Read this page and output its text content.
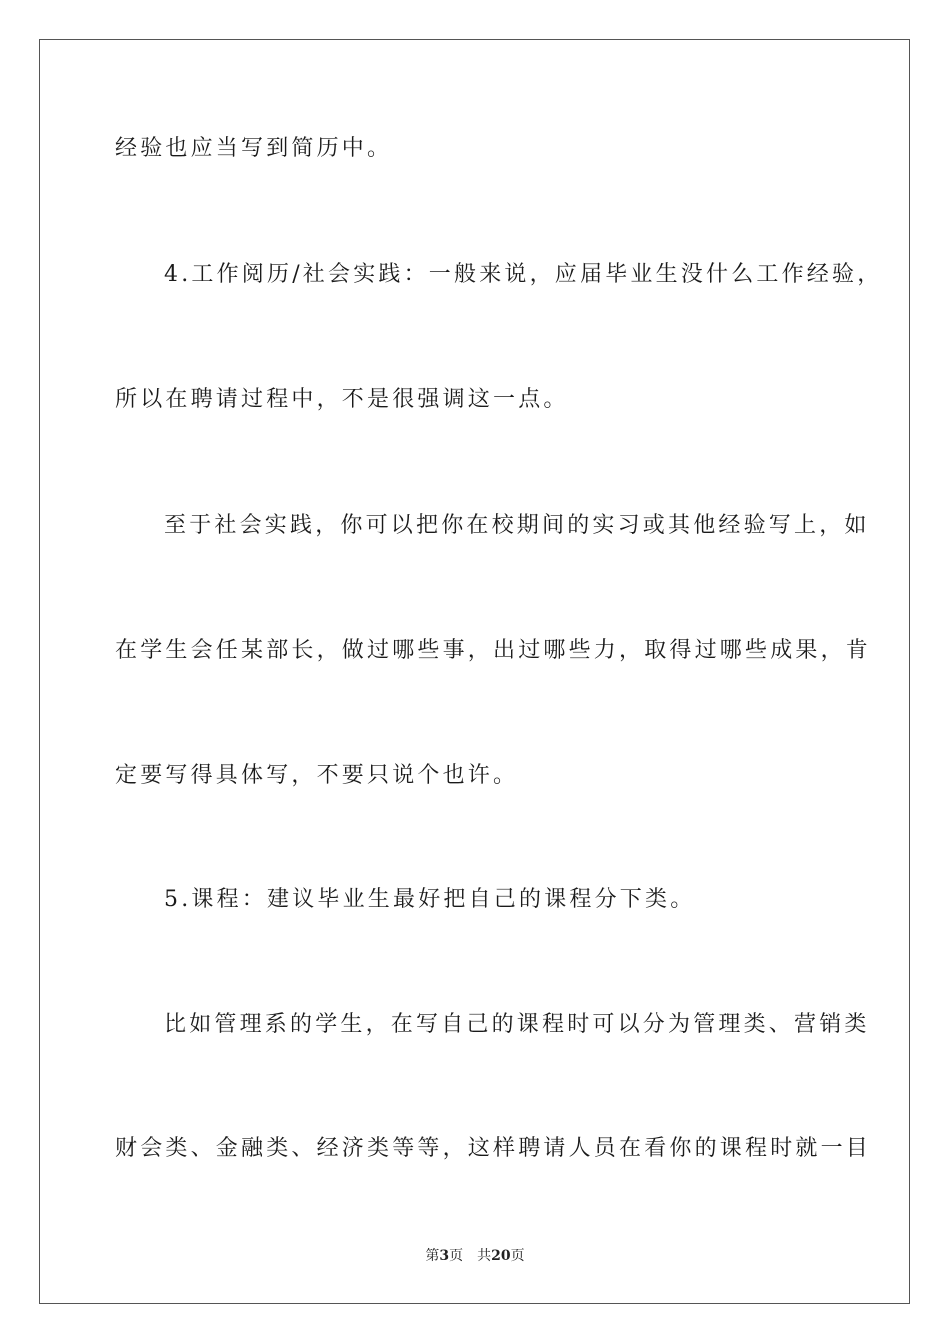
经验也应当写到简历中。
4.工作阅历/社会实践：一般来说，应届毕业生没什么工作经验，
所以在聘请过程中，不是很强调这一点。
至于社会实践，你可以把你在校期间的实习或其他经验写上，如
在学生会任某部长，做过哪些事，出过哪些力，取得过哪些成果，肯
定要写得具体写，不要只说个也许。
5.课程：建议毕业生最好把自己的课程分下类。
比如管理系的学生，在写自己的课程时可以分为管理类、营销类
财会类、金融类、经济类等等，这样聘请人员在看你的课程时就一目
第3页 共20页
